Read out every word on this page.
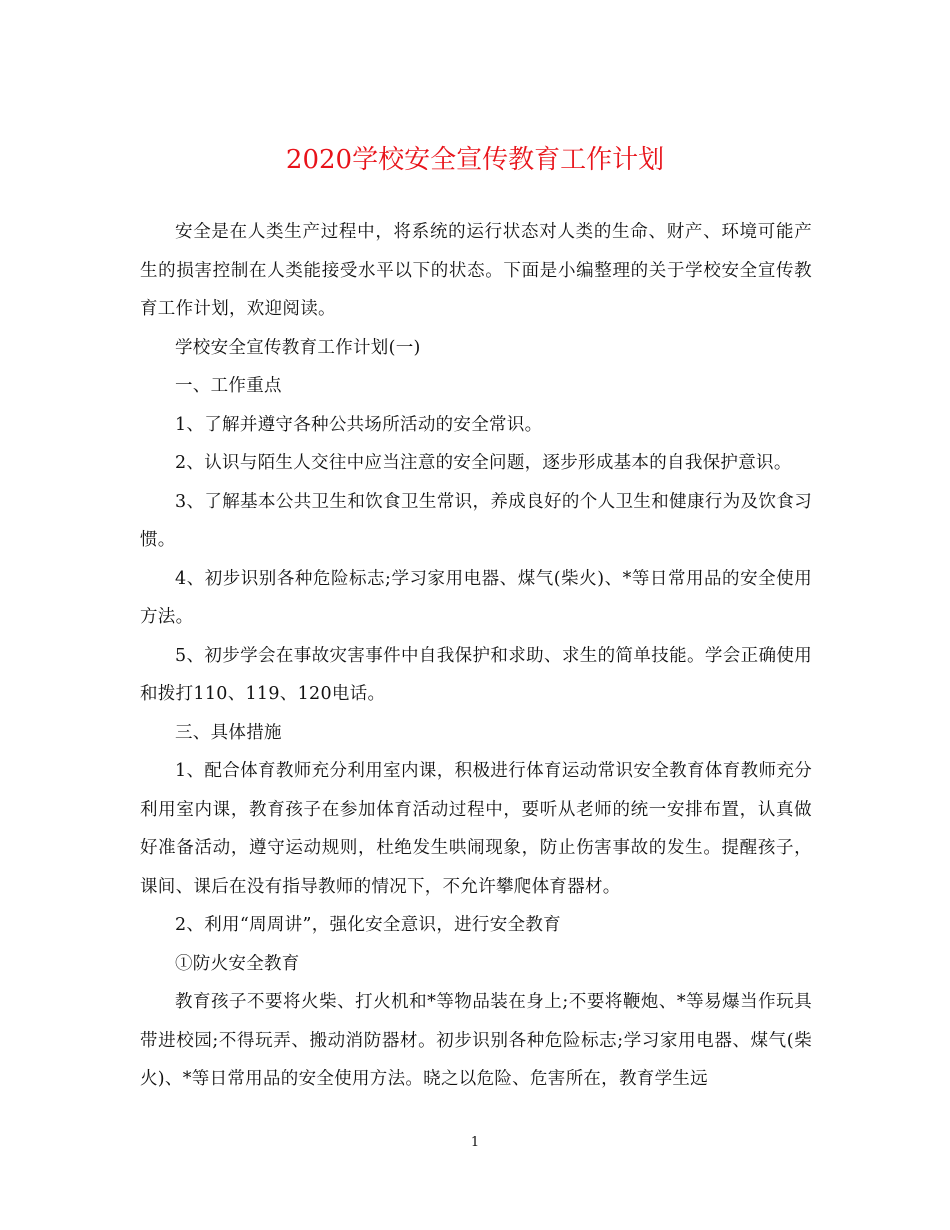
2020学校安全宣传教育工作计划

安全是在人类生产过程中，将系统的运行状态对人类的生命、财产、环境可能产生的损害控制在人类能接受水平以下的状态。下面是小编整理的关于学校安全宣传教育工作计划，欢迎阅读。

学校安全宣传教育工作计划(一)

一、工作重点

1、了解并遵守各种公共场所活动的安全常识。

2、认识与陌生人交往中应当注意的安全问题，逐步形成基本的自我保护意识。

3、了解基本公共卫生和饮食卫生常识，养成良好的个人卫生和健康行为及饮食习惯。

4、初步识别各种危险标志;学习家用电器、煤气(柴火)、*等日常用品的安全使用方法。

5、初步学会在事故灾害事件中自我保护和求助、求生的简单技能。学会正确使用和拨打110、119、120电话。

三、具体措施

1、配合体育教师充分利用室内课，积极进行体育运动常识安全教育体育教师充分利用室内课，教育孩子在参加体育活动过程中，要听从老师的统一安排布置，认真做好准备活动，遵守运动规则，杜绝发生哄闹现象，防止伤害事故的发生。提醒孩子，课间、课后在没有指导教师的情况下，不允许攀爬体育器材。

2、利用“周周讲”，强化安全意识，进行安全教育

①防火安全教育

教育孩子不要将火柴、打火机和*等物品装在身上;不要将鞭炮、*等易爆当作玩具带进校园;不得玩弄、搬动消防器材。初步识别各种危险标志;学习家用电器、煤气(柴火)、*等日常用品的安全使用方法。晓之以危险、危害所在，教育学生远

1
